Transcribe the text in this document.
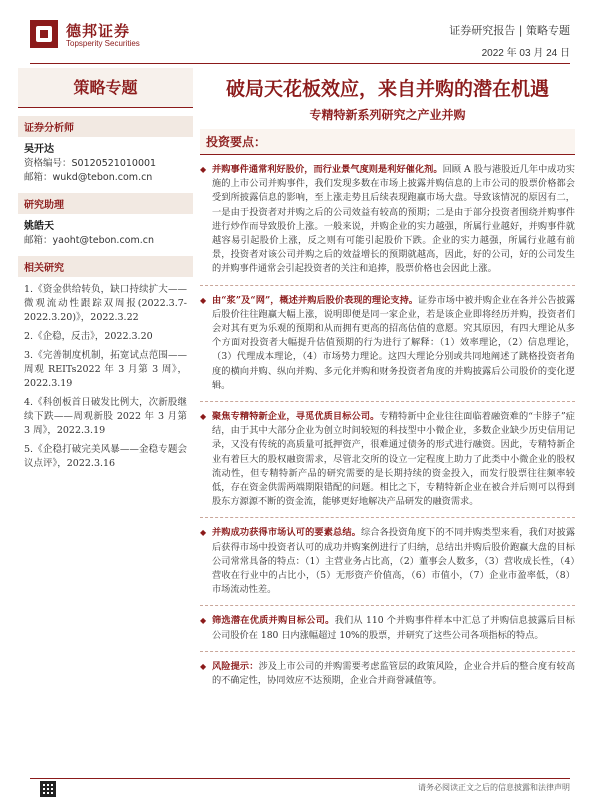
德邦证券
Topsperity Securities
证券研究报告 | 策略专题
2022 年 03 月 24 日
策略专题
证券分析师
吴开达
资格编号：S0120521010001
邮箱：wukd@tebon.com.cn
研究助理
姚皓天
邮箱：yaoht@tebon.com.cn
相关研究
1.《资金供给转负，缺口持续扩大——微观流动性跟踪双周报(2022.3.7-2022.3.20)》，2022.3.22
2.《企稳，反击》，2022.3.20
3.《完善制度机制，拓宽试点范围——周观 REITs2022 年 3 月第 3 周》，2022.3.19
4.《科创板首日破发比例大，次新股继续下跌——周观新股 2022 年 3 月第 3 周》，2022.3.19
5.《企稳打破完美风暴——金稳专题会议点评》，2022.3.16
破局天花板效应，来自并购的潜在机遇
专精特新系列研究之产业并购
投资要点：
◆ 并购事件通常利好股价，而行业景气度则是利好催化剂。回顾 A 股与港股近几年中成功实施的上市公司并购事件，我们发现多数在市场上披露并购信息的上市公司的股票价格都会受到所披露信息的影响，至上涨走势且后续表现跑赢市场大盘。导致该情况的原因有二，一是由于投资者对并购之后的公司效益有较高的预期；二是由于部分投资者围绕并购事件进行炒作而导致股价上涨。一般来说，并购企业的实力越强，所属行业越好，并购事件就越容易引起股价上涨，反之则有可能引起股价下跌。企业的实力越强，所属行业越有前景，投资者对该公司并购之后的效益增长的预期就越高，因此，好的公司，好的公司发生的并购事件通常会引起投资者的关注和追捧，股票价格也会因此上涨。
◆ 由“浆”及“网”，概述并购后股价表现的理论支持。证券市场中被并购企业在各并公告披露后股价往往跑赢大幅上涨，说明即便是同一家企业，若是该企业即将经历并购，投资者们会对其有更为乐观的预期和从而拥有更高的招高估值的意愿。究其原因，有四大理论从多个方面对投资者大幅提升估值预期的行为进行了解释：（1）效率理论，（2）信息理论，（3）代理成本理论，（4）市场势力理论。这四大理论分别或共同地阐述了跳格投资者角度的横向并购、纵向并购、多元化并购和财务投资者角度的并购披露后公司股价的变化逻辑。
◆ 聚焦专精特新企业，寻觅优质目标公司。专精特新中企业往往面临着融资难的“卡脖子”症结，由于其中大部分企业为创立时间较短的科技型中小微企业，多数企业缺少历史信用记录，又没有传统的高质量可抵押资产，很难通过债务的形式进行融资。因此，专精特新企业有着巨大的股权融资需求，尽管北交所的设立一定程度上助力了此类中小微企业的股权流动性，但专精特新产品的研究需要的是长期持续的资金投入，而发行股票往往频率较低，存在资金供需两端期限错配的问题。相比之下，专精特新企业在被合并后则可以得到股东方源源不断的资金流，能够更好地解决产品研发的融资需求。
◆ 并购成功获得市场认可的要素总结。综合各投资角度下的不同并购类型来看，我们对披露后获得市场中投资者认可的成功并购案例进行了归纳，总结出并购后股价跑赢大盘的目标公司常常具备的特点：（1）主营业务占比高，（2）董事会人数多，（3）营收成长性，（4）营收在行业中的占比小，（5）无形资产价值高，（6）市值小，（7）企业市盈率低，（8）市场流动性差。
◆ 筛选潜在优质并购目标公司。我们从 110 个并购事件样本中汇总了并购信息披露后目标公司股价在 180 日内涨幅超过 10%的股票，并研究了这些公司各项指标的特点。
◆ 风险提示：涉及上市公司的并购需要考虑监管层的政策风险，企业合并后的整合度有较高的不确定性，协同效应不达预期，企业合并商誉减值等。
请务必阅读正文之后的信息披露和法律声明
